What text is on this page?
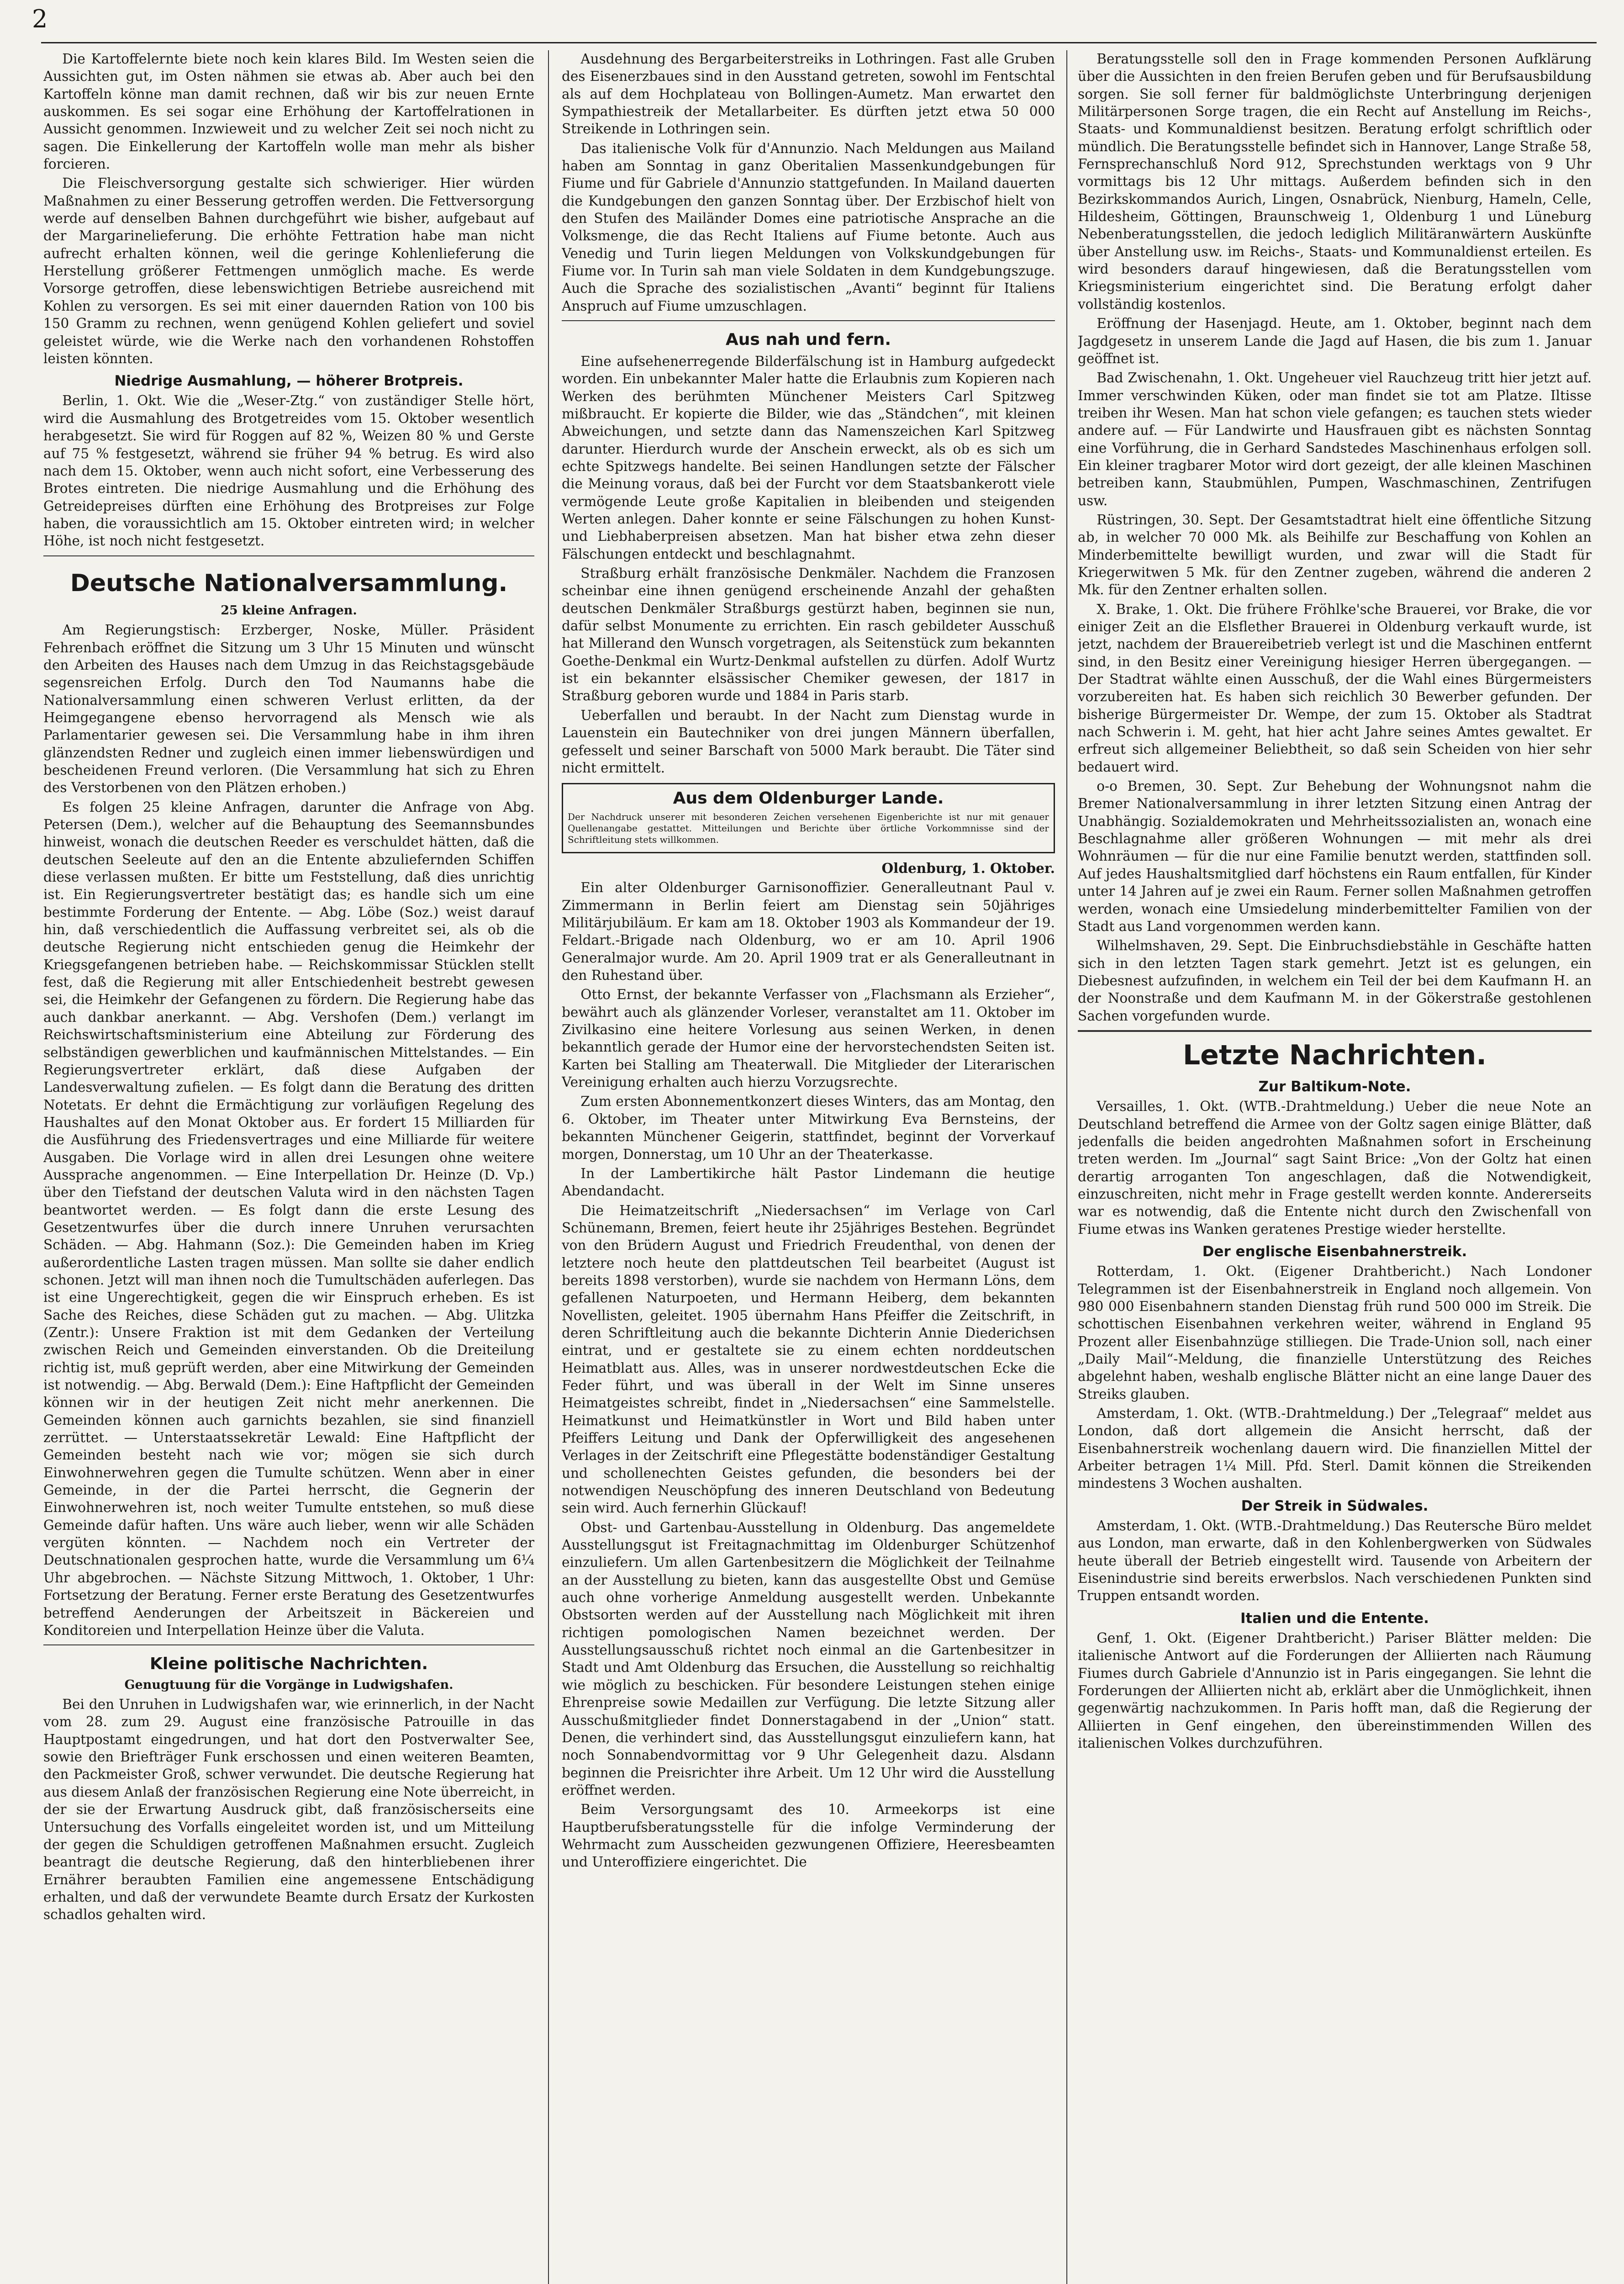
2

Die Kartoffelernte biete noch kein klares Bild. Im Westen seien die Aussichten gut, im Osten nähmen sie etwas ab. Aber auch bei den Kartoffeln könne man damit rechnen, daß wir bis zur neuen Ernte auskommen. Es sei sogar eine Erhöhung der Kartoffelrationen in Aussicht genommen. Inzwieweit und zu welcher Zeit sei noch nicht zu sagen. Die Einkellerung der Kartoffeln wolle man mehr als bisher forcieren.

Die Fleischversorgung gestalte sich schwieriger. Hier würden Maßnahmen zu einer Besserung getroffen werden. Die Fettversorgung werde auf denselben Bahnen durchgeführt wie bisher, aufgebaut auf der Margarinelieferung. Die erhöhte Fettration habe man nicht aufrecht erhalten können, weil die geringe Kohlenlieferung die Herstellung größerer Fettmengen unmöglich mache. Es werde Vorsorge getroffen, diese lebenswichtigen Betriebe ausreichend mit Kohlen zu versorgen. Es sei mit einer dauernden Ration von 100 bis 150 Gramm zu rechnen, wenn genügend Kohlen geliefert und soviel geleistet würde, wie die Werke nach den vorhandenen Rohstoffen leisten könnten.

Niedrige Ausmahlung, — höherer Brotpreis.

Berlin, 1. Okt. Wie die „Weser-Ztg.“ von zuständiger Stelle hört, wird die Ausmahlung des Brotgetreides vom 15. Oktober wesentlich herabgesetzt. Sie wird für Roggen auf 82 %, Weizen 80 % und Gerste auf 75 % festgesetzt, während sie früher 94 % betrug. Es wird also nach dem 15. Oktober, wenn auch nicht sofort, eine Verbesserung des Brotes eintreten. Die niedrige Ausmahlung und die Erhöhung des Getreidepreises dürften eine Erhöhung des Brotpreises zur Folge haben, die voraussichtlich am 15. Oktober eintreten wird; in welcher Höhe, ist noch nicht festgesetzt.

Deutsche Nationalversammlung.
25 kleine Anfragen.

Am Regierungstisch: Erzberger, Noske, Müller. Präsident Fehrenbach eröffnet die Sitzung um 3 Uhr 15 Minuten und wünscht den Arbeiten des Hauses nach dem Umzug in das Reichstagsgebäude segensreichen Erfolg. Durch den Tod Naumanns habe die Nationalversammlung einen schweren Verlust erlitten, da der Heimgegangene ebenso hervorragend als Mensch wie als Parlamentarier gewesen sei. Die Versammlung habe in ihm ihren glänzendsten Redner und zugleich einen immer liebenswürdigen und bescheidenen Freund verloren. (Die Versammlung hat sich zu Ehren des Verstorbenen von den Plätzen erhoben.)

Es folgen 25 kleine Anfragen, darunter die Anfrage von Abg. Petersen (Dem.), welcher auf die Behauptung des Seemannsbundes hinweist, wonach die deutschen Reeder es verschuldet hätten, daß die deutschen Seeleute auf den an die Entente abzuliefernden Schiffen diese verlassen mußten. Er bitte um Feststellung, daß dies unrichtig ist. Ein Regierungsvertreter bestätigt das; es handle sich um eine bestimmte Forderung der Entente. — Abg. Löbe (Soz.) weist darauf hin, daß verschiedentlich die Auffassung verbreitet sei, als ob die deutsche Regierung nicht entschieden genug die Heimkehr der Kriegsgefangenen betrieben habe. — Reichskommissar Stücklen stellt fest, daß die Regierung mit aller Entschiedenheit bestrebt gewesen sei, die Heimkehr der Gefangenen zu fördern. Die Regierung habe das auch dankbar anerkannt. — Abg. Vershofen (Dem.) verlangt im Reichswirtschaftsministerium eine Abteilung zur Förderung des selbständigen gewerblichen und kaufmännischen Mittelstandes. — Ein Regierungsvertreter erklärt, daß diese Aufgaben der Landesverwaltung zufielen. — Es folgt dann die Beratung des dritten Notetats. Er dehnt die Ermächtigung zur vorläufigen Regelung des Haushaltes auf den Monat Oktober aus. Er fordert 15 Milliarden für die Ausführung des Friedensvertrages und eine Milliarde für weitere Ausgaben. Die Vorlage wird in allen drei Lesungen ohne weitere Aussprache angenommen. — Eine Interpellation Dr. Heinze (D. Vp.) über den Tiefstand der deutschen Valuta wird in den nächsten Tagen beantwortet werden. — Es folgt dann die erste Lesung des Gesetzentwurfes über die durch innere Unruhen verursachten Schäden. — Abg. Hahmann (Soz.): Die Gemeinden haben im Krieg außerordentliche Lasten tragen müssen. Man sollte sie daher endlich schonen. Jetzt will man ihnen noch die Tumultschäden auferlegen. Das ist eine Ungerechtigkeit, gegen die wir Einspruch erheben. Es ist Sache des Reiches, diese Schäden gut zu machen. — Abg. Ulitzka (Zentr.): Unsere Fraktion ist mit dem Gedanken der Verteilung zwischen Reich und Gemeinden einverstanden. Ob die Dreiteilung richtig ist, muß geprüft werden, aber eine Mitwirkung der Gemeinden ist notwendig. — Abg. Berwald (Dem.): Eine Haftpflicht der Gemeinden können wir in der heutigen Zeit nicht mehr anerkennen. Die Gemeinden können auch garnichts bezahlen, sie sind finanziell zerrüttet. — Unterstaatssekretär Lewald: Eine Haftpflicht der Gemeinden besteht nach wie vor; mögen sie sich durch Einwohnerwehren gegen die Tumulte schützen. Wenn aber in einer Gemeinde, in der die Partei herrscht, die Gegnerin der Einwohnerwehren ist, noch weiter Tumulte entstehen, so muß diese Gemeinde dafür haften. Uns wäre auch lieber, wenn wir alle Schäden vergüten könnten. — Nachdem noch ein Vertreter der Deutschnationalen gesprochen hatte, wurde die Versammlung um 6¼ Uhr abgebrochen. — Nächste Sitzung Mittwoch, 1. Oktober, 1 Uhr: Fortsetzung der Beratung. Ferner erste Beratung des Gesetzentwurfes betreffend Aenderungen der Arbeitszeit in Bäckereien und Konditoreien und Interpellation Heinze über die Valuta.

Kleine politische Nachrichten.
Genugtuung für die Vorgänge in Ludwigshafen.

Bei den Unruhen in Ludwigshafen war, wie erinnerlich, in der Nacht vom 28. zum 29. August eine französische Patrouille in das Hauptpostamt eingedrungen, und hat dort den Postverwalter See, sowie den Briefträger Funk erschossen und einen weiteren Beamten, den Packmeister Groß, schwer verwundet. Die deutsche Regierung hat aus diesem Anlaß der französischen Regierung eine Note überreicht, in der sie der Erwartung Ausdruck gibt, daß französischerseits eine Untersuchung des Vorfalls eingeleitet worden ist, und um Mitteilung der gegen die Schuldigen getroffenen Maßnahmen ersucht. Zugleich beantragt die deutsche Regierung, daß den hinterbliebenen ihrer Ernährer beraubten Familien eine angemessene Entschädigung erhalten, und daß der verwundete Beamte durch Ersatz der Kurkosten schadlos gehalten wird.

Ausdehnung des Bergarbeiterstreiks in Lothringen. Fast alle Gruben des Eisenerzbaues sind in den Ausstand getreten, sowohl im Fentschtal als auf dem Hochplateau von Bollingen-Aumetz. Man erwartet den Sympathiestreik der Metallarbeiter. Es dürften jetzt etwa 50 000 Streikende in Lothringen sein.

Das italienische Volk für d'Annunzio. Nach Meldungen aus Mailand haben am Sonntag in ganz Oberitalien Massenkundgebungen für Fiume und für Gabriele d'Annunzio stattgefunden. In Mailand dauerten die Kundgebungen den ganzen Sonntag über. Der Erzbischof hielt von den Stufen des Mailänder Domes eine patriotische Ansprache an die Volksmenge, die das Recht Italiens auf Fiume betonte. Auch aus Venedig und Turin liegen Meldungen von Volkskundgebungen für Fiume vor. In Turin sah man viele Soldaten in dem Kundgebungszuge. Auch die Sprache des sozialistischen „Avanti“ beginnt für Italiens Anspruch auf Fiume umzuschlagen.

Aus nah und fern.

Eine aufsehenerregende Bilderfälschung ist in Hamburg aufgedeckt worden. Ein unbekannter Maler hatte die Erlaubnis zum Kopieren nach Werken des berühmten Münchener Meisters Carl Spitzweg mißbraucht. Er kopierte die Bilder, wie das „Ständchen“, mit kleinen Abweichungen, und setzte dann das Namenszeichen Karl Spitzweg darunter. Hierdurch wurde der Anschein erweckt, als ob es sich um echte Spitzwegs handelte. Bei seinen Handlungen setzte der Fälscher die Meinung voraus, daß bei der Furcht vor dem Staatsbankerott viele vermögende Leute große Kapitalien in bleibenden und steigenden Werten anlegen. Daher konnte er seine Fälschungen zu hohen Kunst- und Liebhaberpreisen absetzen. Man hat bisher etwa zehn dieser Fälschungen entdeckt und beschlagnahmt.

Straßburg erhält französische Denkmäler. Nachdem die Franzosen scheinbar eine ihnen genügend erscheinende Anzahl der gehaßten deutschen Denkmäler Straßburgs gestürzt haben, beginnen sie nun, dafür selbst Monumente zu errichten. Ein rasch gebildeter Ausschuß hat Millerand den Wunsch vorgetragen, als Seitenstück zum bekannten Goethe-Denkmal ein Wurtz-Denkmal aufstellen zu dürfen. Adolf Wurtz ist ein bekannter elsässischer Chemiker gewesen, der 1817 in Straßburg geboren wurde und 1884 in Paris starb.

Ueberfallen und beraubt. In der Nacht zum Dienstag wurde in Lauenstein ein Bautechniker von drei jungen Männern überfallen, gefesselt und seiner Barschaft von 5000 Mark beraubt. Die Täter sind nicht ermittelt.

Aus dem Oldenburger Lande.

Der Nachdruck unserer mit besonderen Zeichen versehenen Eigenberichte ist nur mit genauer Quellenangabe gestattet. Mitteilungen und Berichte über örtliche Vorkommnisse sind der Schriftleitung stets willkommen.

Oldenburg, 1. Oktober.

Ein alter Oldenburger Garnisonoffizier. Generalleutnant Paul v. Zimmermann in Berlin feiert am Dienstag sein 50jähriges Militärjubiläum. Er kam am 18. Oktober 1903 als Kommandeur der 19. Feldart.-Brigade nach Oldenburg, wo er am 10. April 1906 Generalmajor wurde. Am 20. April 1909 trat er als Generalleutnant in den Ruhestand über.

Otto Ernst, der bekannte Verfasser von „Flachsmann als Erzieher“, bewährt auch als glänzender Vorleser, veranstaltet am 11. Oktober im Zivilkasino eine heitere Vorlesung aus seinen Werken, in denen bekanntlich gerade der Humor eine der hervorstechendsten Seiten ist. Karten bei Stalling am Theaterwall. Die Mitglieder der Literarischen Vereinigung erhalten auch hierzu Vorzugsrechte.

Zum ersten Abonnementkonzert dieses Winters, das am Montag, den 6. Oktober, im Theater unter Mitwirkung Eva Bernsteins, der bekannten Münchener Geigerin, stattfindet, beginnt der Vorverkauf morgen, Donnerstag, um 10 Uhr an der Theaterkasse.

In der Lambertikirche hält Pastor Lindemann die heutige Abendandacht.

Die Heimatzeitschrift „Niedersachsen“ im Verlage von Carl Schünemann, Bremen, feiert heute ihr 25jähriges Bestehen. Begründet von den Brüdern August und Friedrich Freudenthal, von denen der letztere noch heute den plattdeutschen Teil bearbeitet (August ist bereits 1898 verstorben), wurde sie nachdem von Hermann Löns, dem gefallenen Naturpoeten, und Hermann Heiberg, dem bekannten Novellisten, geleitet. 1905 übernahm Hans Pfeiffer die Zeitschrift, in deren Schriftleitung auch die bekannte Dichterin Annie Diederichsen eintrat, und er gestaltete sie zu einem echten norddeutschen Heimatblatt aus. Alles, was in unserer nordwestdeutschen Ecke die Feder führt, und was überall in der Welt im Sinne unseres Heimatgeistes schreibt, findet in „Niedersachsen“ eine Sammelstelle. Heimatkunst und Heimatkünstler in Wort und Bild haben unter Pfeiffers Leitung und Dank der Opferwilligkeit des angesehenen Verlages in der Zeitschrift eine Pflegestätte bodenständiger Gestaltung und schollenechten Geistes gefunden, die besonders bei der notwendigen Neuschöpfung des inneren Deutschland von Bedeutung sein wird. Auch fernerhin Glückauf!

Obst- und Gartenbau-Ausstellung in Oldenburg. Das angemeldete Ausstellungsgut ist Freitagnachmittag im Oldenburger Schützenhof einzuliefern. Um allen Gartenbesitzern die Möglichkeit der Teilnahme an der Ausstellung zu bieten, kann das ausgestellte Obst und Gemüse auch ohne vorherige Anmeldung ausgestellt werden. Unbekannte Obstsorten werden auf der Ausstellung nach Möglichkeit mit ihren richtigen pomologischen Namen bezeichnet werden. Der Ausstellungsausschuß richtet noch einmal an die Gartenbesitzer in Stadt und Amt Oldenburg das Ersuchen, die Ausstellung so reichhaltig wie möglich zu beschicken. Für besondere Leistungen stehen einige Ehrenpreise sowie Medaillen zur Verfügung. Die letzte Sitzung aller Ausschußmitglieder findet Donnerstagabend in der „Union“ statt. Denen, die verhindert sind, das Ausstellungsgut einzuliefern kann, hat noch Sonnabendvormittag vor 9 Uhr Gelegenheit dazu. Alsdann beginnen die Preisrichter ihre Arbeit. Um 12 Uhr wird die Ausstellung eröffnet werden.

Beim Versorgungsamt des 10. Armeekorps ist eine Hauptberufsberatungsstelle für die infolge Verminderung der Wehrmacht zum Ausscheiden gezwungenen Offiziere, Heeresbeamten und Unteroffiziere eingerichtet. Die

Beratungsstelle soll den in Frage kommenden Personen Aufklärung über die Aussichten in den freien Berufen geben und für Berufsausbildung sorgen. Sie soll ferner für baldmöglichste Unterbringung derjenigen Militärpersonen Sorge tragen, die ein Recht auf Anstellung im Reichs-, Staats- und Kommunaldienst besitzen. Beratung erfolgt schriftlich oder mündlich. Die Beratungsstelle befindet sich in Hannover, Lange Straße 58, Fernsprechanschluß Nord 912, Sprechstunden werktags von 9 Uhr vormittags bis 12 Uhr mittags. Außerdem befinden sich in den Bezirkskommandos Aurich, Lingen, Osnabrück, Nienburg, Hameln, Celle, Hildesheim, Göttingen, Braunschweig 1, Oldenburg 1 und Lüneburg Nebenberatungsstellen, die jedoch lediglich Militäranwärtern Auskünfte über Anstellung usw. im Reichs-, Staats- und Kommunaldienst erteilen. Es wird besonders darauf hingewiesen, daß die Beratungsstellen vom Kriegsministerium eingerichtet sind. Die Beratung erfolgt daher vollständig kostenlos.

Eröffnung der Hasenjagd. Heute, am 1. Oktober, beginnt nach dem Jagdgesetz in unserem Lande die Jagd auf Hasen, die bis zum 1. Januar geöffnet ist.

Bad Zwischenahn, 1. Okt. Ungeheuer viel Rauchzeug tritt hier jetzt auf. Immer verschwinden Küken, oder man findet sie tot am Platze. Iltisse treiben ihr Wesen. Man hat schon viele gefangen; es tauchen stets wieder andere auf. — Für Landwirte und Hausfrauen gibt es nächsten Sonntag eine Vorführung, die in Gerhard Sandstedes Maschinenhaus erfolgen soll. Ein kleiner tragbarer Motor wird dort gezeigt, der alle kleinen Maschinen betreiben kann, Staubmühlen, Pumpen, Waschmaschinen, Zentrifugen usw.

Rüstringen, 30. Sept. Der Gesamtstadtrat hielt eine öffentliche Sitzung ab, in welcher 70 000 Mk. als Beihilfe zur Beschaffung von Kohlen an Minderbemittelte bewilligt wurden, und zwar will die Stadt für Kriegerwitwen 5 Mk. für den Zentner zugeben, während die anderen 2 Mk. für den Zentner erhalten sollen.

X. Brake, 1. Okt. Die frühere Fröhlke'sche Brauerei, vor Brake, die vor einiger Zeit an die Elsflether Brauerei in Oldenburg verkauft wurde, ist jetzt, nachdem der Brauereibetrieb verlegt ist und die Maschinen entfernt sind, in den Besitz einer Vereinigung hiesiger Herren übergegangen. — Der Stadtrat wählte einen Ausschuß, der die Wahl eines Bürgermeisters vorzubereiten hat. Es haben sich reichlich 30 Bewerber gefunden. Der bisherige Bürgermeister Dr. Wempe, der zum 15. Oktober als Stadtrat nach Schwerin i. M. geht, hat hier acht Jahre seines Amtes gewaltet. Er erfreut sich allgemeiner Beliebtheit, so daß sein Scheiden von hier sehr bedauert wird.

o-o Bremen, 30. Sept. Zur Behebung der Wohnungsnot nahm die Bremer Nationalversammlung in ihrer letzten Sitzung einen Antrag der Unabhängig. Sozialdemokraten und Mehrheitssozialisten an, wonach eine Beschlagnahme aller größeren Wohnungen — mit mehr als drei Wohnräumen — für die nur eine Familie benutzt werden, stattfinden soll. Auf jedes Haushaltsmitglied darf höchstens ein Raum entfallen, für Kinder unter 14 Jahren auf je zwei ein Raum. Ferner sollen Maßnahmen getroffen werden, wonach eine Umsiedelung minderbemittelter Familien von der Stadt aus Land vorgenommen werden kann.

Wilhelmshaven, 29. Sept. Die Einbruchsdiebstähle in Geschäfte hatten sich in den letzten Tagen stark gemehrt. Jetzt ist es gelungen, ein Diebesnest aufzufinden, in welchem ein Teil der bei dem Kaufmann H. an der Noonstraße und dem Kaufmann M. in der Gökerstraße gestohlenen Sachen vorgefunden wurde.

Letzte Nachrichten.
Zur Baltikum-Note.

Versailles, 1. Okt. (WTB.-Drahtmeldung.) Ueber die neue Note an Deutschland betreffend die Armee von der Goltz sagen einige Blätter, daß jedenfalls die beiden angedrohten Maßnahmen sofort in Erscheinung treten werden. Im „Journal“ sagt Saint Brice: „Von der Goltz hat einen derartig arroganten Ton angeschlagen, daß die Notwendigkeit, einzuschreiten, nicht mehr in Frage gestellt werden konnte. Andererseits war es notwendig, daß die Entente nicht durch den Zwischenfall von Fiume etwas ins Wanken geratenes Prestige wieder herstellte.

Der englische Eisenbahnerstreik.

Rotterdam, 1. Okt. (Eigener Drahtbericht.) Nach Londoner Telegrammen ist der Eisenbahnerstreik in England noch allgemein. Von 980 000 Eisenbahnern standen Dienstag früh rund 500 000 im Streik. Die schottischen Eisenbahnen verkehren weiter, während in England 95 Prozent aller Eisenbahnzüge stilliegen. Die Trade-Union soll, nach einer „Daily Mail“-Meldung, die finanzielle Unterstützung des Reiches abgelehnt haben, weshalb englische Blätter nicht an eine lange Dauer des Streiks glauben.

Amsterdam, 1. Okt. (WTB.-Drahtmeldung.) Der „Telegraaf“ meldet aus London, daß dort allgemein die Ansicht herrscht, daß der Eisenbahnerstreik wochenlang dauern wird. Die finanziellen Mittel der Arbeiter betragen 1¼ Mill. Pfd. Sterl. Damit können die Streikenden mindestens 3 Wochen aushalten.

Der Streik in Südwales.

Amsterdam, 1. Okt. (WTB.-Drahtmeldung.) Das Reutersche Büro meldet aus London, man erwarte, daß in den Kohlenbergwerken von Südwales heute überall der Betrieb eingestellt wird. Tausende von Arbeitern der Eisenindustrie sind bereits erwerbslos. Nach verschiedenen Punkten sind Truppen entsandt worden.

Italien und die Entente.

Genf, 1. Okt. (Eigener Drahtbericht.) Pariser Blätter melden: Die italienische Antwort auf die Forderungen der Alliierten nach Räumung Fiumes durch Gabriele d'Annunzio ist in Paris eingegangen. Sie lehnt die Forderungen der Alliierten nicht ab, erklärt aber die Unmöglichkeit, ihnen gegenwärtig nachzukommen. In Paris hofft man, daß die Regierung der Alliierten in Genf eingehen, den übereinstimmenden Willen des italienischen Volkes durchzuführen.
